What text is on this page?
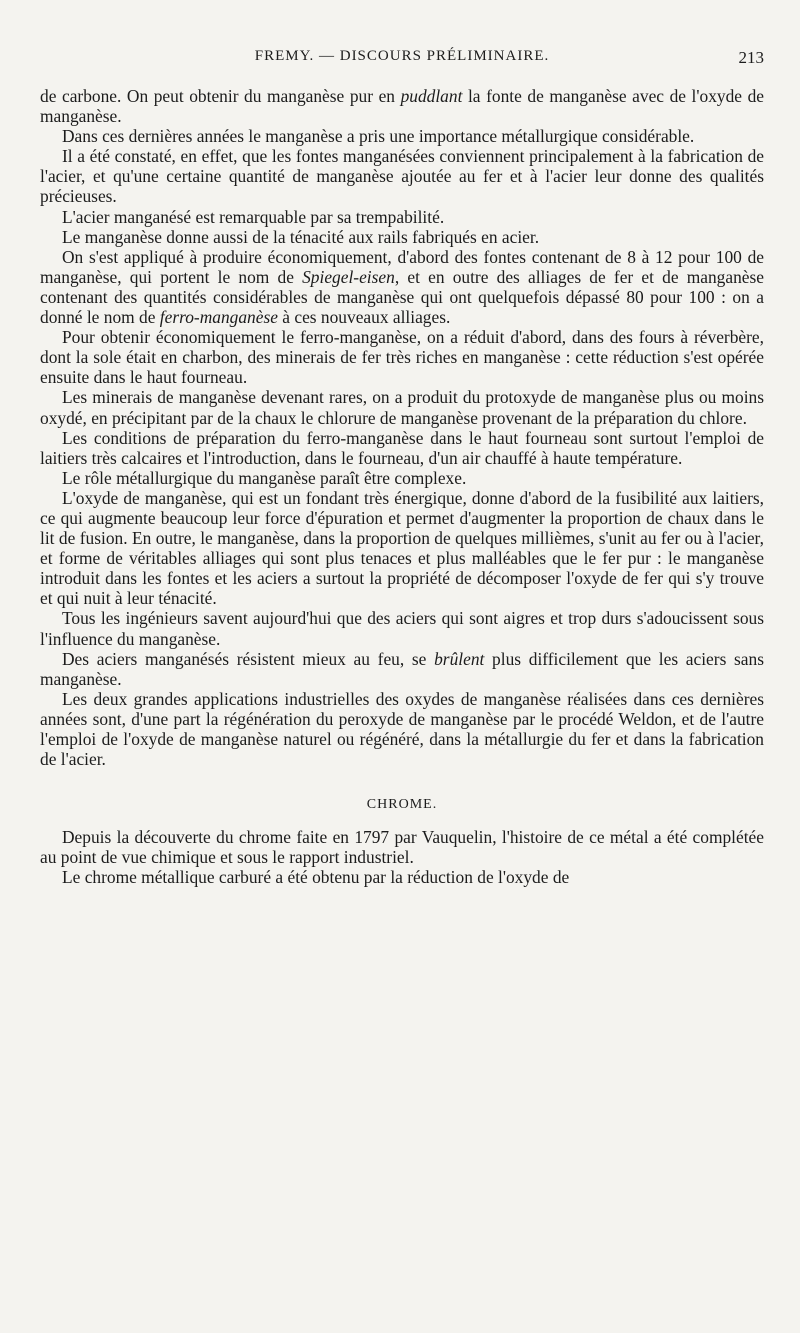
FREMY. — DISCOURS PRÉLIMINAIRE.	213

de carbone. On peut obtenir du manganèse pur en puddlant la fonte de manganèse avec de l'oxyde de manganèse.

Dans ces dernières années le manganèse a pris une importance métallurgique considérable.

Il a été constaté, en effet, que les fontes manganésées conviennent principalement à la fabrication de l'acier, et qu'une certaine quantité de manganèse ajoutée au fer et à l'acier leur donne des qualités précieuses.

L'acier manganésé est remarquable par sa trempabilité.

Le manganèse donne aussi de la ténacité aux rails fabriqués en acier.

On s'est appliqué à produire économiquement, d'abord des fontes contenant de 8 à 12 pour 100 de manganèse, qui portent le nom de Spiegel-eisen, et en outre des alliages de fer et de manganèse contenant des quantités considérables de manganèse qui ont quelquefois dépassé 80 pour 100 : on a donné le nom de ferro-manganèse à ces nouveaux alliages.

Pour obtenir économiquement le ferro-manganèse, on a réduit d'abord, dans des fours à réverbère, dont la sole était en charbon, des minerais de fer très riches en manganèse : cette réduction s'est opérée ensuite dans le haut fourneau.

Les minerais de manganèse devenant rares, on a produit du protoxyde de manganèse plus ou moins oxydé, en précipitant par de la chaux le chlorure de manganèse provenant de la préparation du chlore.

Les conditions de préparation du ferro-manganèse dans le haut fourneau sont surtout l'emploi de laitiers très calcaires et l'introduction, dans le fourneau, d'un air chauffé à haute température.

Le rôle métallurgique du manganèse paraît être complexe.

L'oxyde de manganèse, qui est un fondant très énergique, donne d'abord de la fusibilité aux laitiers, ce qui augmente beaucoup leur force d'épuration et permet d'augmenter la proportion de chaux dans le lit de fusion. En outre, le manganèse, dans la proportion de quelques millièmes, s'unit au fer ou à l'acier, et forme de véritables alliages qui sont plus tenaces et plus malléables que le fer pur : le manganèse introduit dans les fontes et les aciers a surtout la propriété de décomposer l'oxyde de fer qui s'y trouve et qui nuit à leur ténacité.

Tous les ingénieurs savent aujourd'hui que des aciers qui sont aigres et trop durs s'adoucissent sous l'influence du manganèse.

Des aciers manganésés résistent mieux au feu, se brûlent plus difficilement que les aciers sans manganèse.

Les deux grandes applications industrielles des oxydes de manganèse réalisées dans ces dernières années sont, d'une part la régénération du peroxyde de manganèse par le procédé Weldon, et de l'autre l'emploi de l'oxyde de manganèse naturel ou régénéré, dans la métallurgie du fer et dans la fabrication de l'acier.

CHROME.

Depuis la découverte du chrome faite en 1797 par Vauquelin, l'histoire de ce métal a été complétée au point de vue chimique et sous le rapport industriel.

Le chrome métallique carburé a été obtenu par la réduction de l'oxyde de
